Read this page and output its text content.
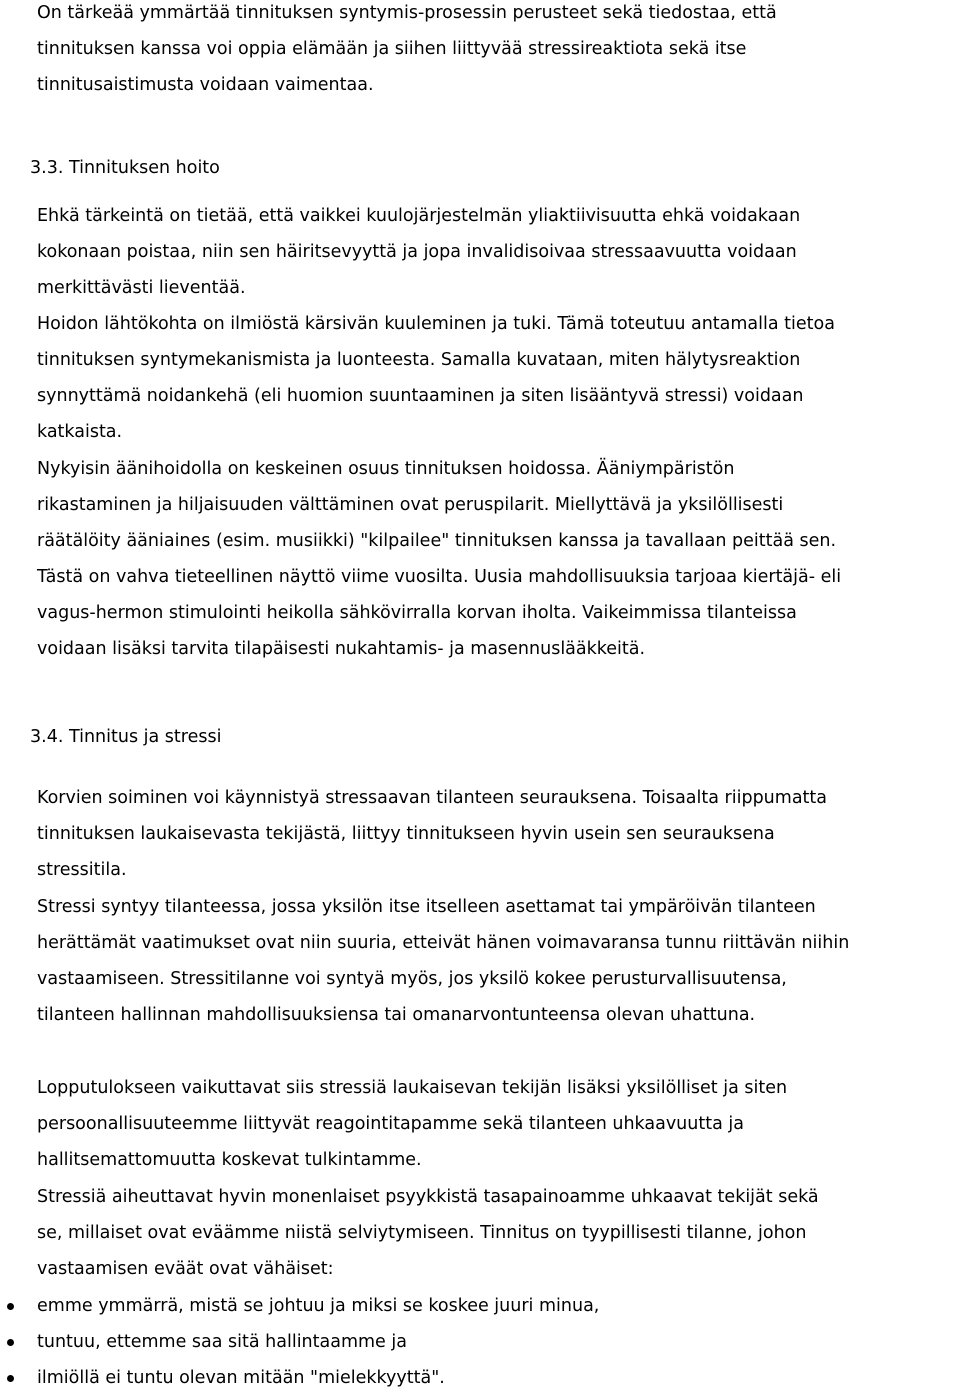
On tärkeää ymmärtää tinnituksen syntymis-prosessin perusteet sekä tiedostaa, että
tinnituksen kanssa voi oppia elämään ja siihen liittyvää stressireaktiota sekä itse
tinnitusaistimusta voidaan vaimentaa.
3.3. Tinnituksen hoito
Ehkä tärkeintä on tietää, että vaikkei kuulojärjestelmän yliaktiivisuutta ehkä voidakaan
kokonaan poistaa, niin sen häiritsevyyttä ja jopa invalidisoivaa stressaavuutta voidaan
merkittävästi lieventää.
Hoidon lähtökohta on ilmiöstä kärsivän kuuleminen ja tuki. Tämä toteutuu antamalla tietoa
tinnituksen syntymekanismista ja luonteesta. Samalla kuvataan, miten hälytysreaktion
synnyttämä noidankehä (eli huomion suuntaaminen ja siten lisääntyvä stressi) voidaan
katkaista.
Nykyisin äänihoidolla on keskeinen osuus tinnituksen hoidossa. Ääniympäristön
rikastaminen ja hiljaisuuden välttäminen ovat peruspilarit. Miellyttävä ja yksilöllisesti
räätälöity ääniaines (esim. musiikki) "kilpailee" tinnituksen kanssa ja tavallaan peittää sen.
Tästä on vahva tieteellinen näyttö viime vuosilta. Uusia mahdollisuuksia tarjoaa kiertäjä- eli
vagus-hermon stimulointi heikolla sähkövirralla korvan iholta. Vaikeimmissa tilanteissa
voidaan lisäksi tarvita tilapäisesti nukahtamis- ja masennuslääkkeitä.
3.4. Tinnitus ja stressi
Korvien soiminen voi käynnistyä stressaavan tilanteen seurauksena. Toisaalta riippumatta
tinnituksen laukaisevasta tekijästä, liittyy tinnitukseen hyvin usein sen seurauksena
stressitila.
Stressi syntyy tilanteessa, jossa yksilön itse itselleen asettamat tai ympäröivän tilanteen
herättämät vaatimukset ovat niin suuria, etteivät hänen voimavaransa tunnu riittävän niihin
vastaamiseen. Stressitilanne voi syntyä myös, jos yksilö kokee perusturvallisuutensa,
tilanteen hallinnan mahdollisuuksiensa tai omanarvontunteensa olevan uhattuna.
Lopputulokseen vaikuttavat siis stressiä laukaisevan tekijän lisäksi yksilölliset ja siten
persoonallisuuteemme liittyvät reagointitapamme sekä tilanteen uhkaavuutta ja
hallitsemattomuutta koskevat tulkintamme.
Stressiä aiheuttavat hyvin monenlaiset psyykkistä tasapainoamme uhkaavat tekijät sekä
se, millaiset ovat eväämme niistä selviytymiseen. Tinnitus on tyypillisesti tilanne, johon
vastaamisen eväät ovat vähäiset:
emme ymmärrä, mistä se johtuu ja miksi se koskee juuri minua,
tuntuu, ettemme saa sitä hallintaamme ja
ilmiöllä ei tuntu olevan mitään "mielekkyyttä".
